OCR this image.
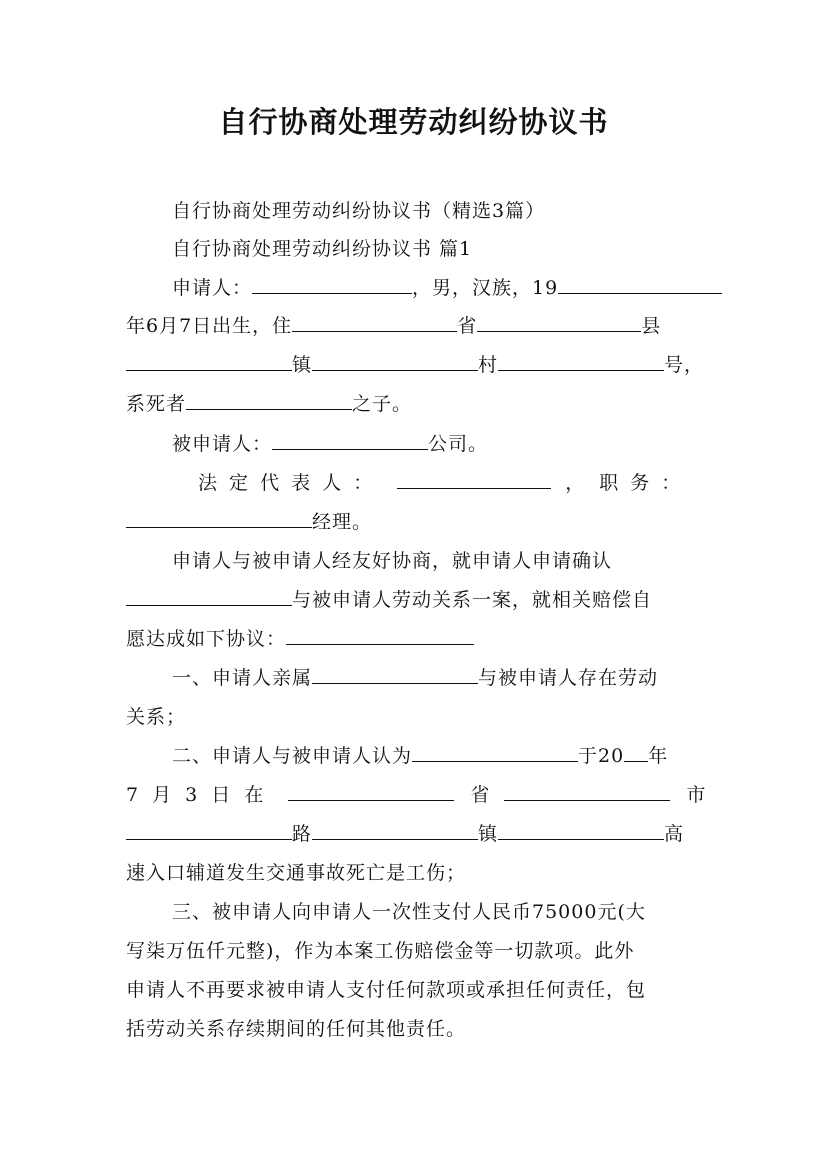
自行协商处理劳动纠纷协议书
自行协商处理劳动纠纷协议书（精选3篇）
自行协商处理劳动纠纷协议书 篇1
申请人：	，男，汉族，19
年6月7日出生，住	省	县
镇	村	号，
系死者	之子。
被申请人：	公司。
法 定 代 表 人 ：	， 职 务 ：
经理。
申请人与被申请人经友好协商，就申请人申请确认
与被申请人劳动关系一案，就相关赔偿自
愿达成如下协议：
一、申请人亲属	与被申请人存在劳动
关系；
二、申请人与被申请人认为	于20 年
7 月 3 日 在	省	市
路	镇	高
速入口辅道发生交通事故死亡是工伤；
三、被申请人向申请人一次性支付人民币75000元(大
写柒万伍仟元整)，作为本案工伤赔偿金等一切款项。此外
申请人不再要求被申请人支付任何款项或承担任何责任，包
括劳动关系存续期间的任何其他责任。
